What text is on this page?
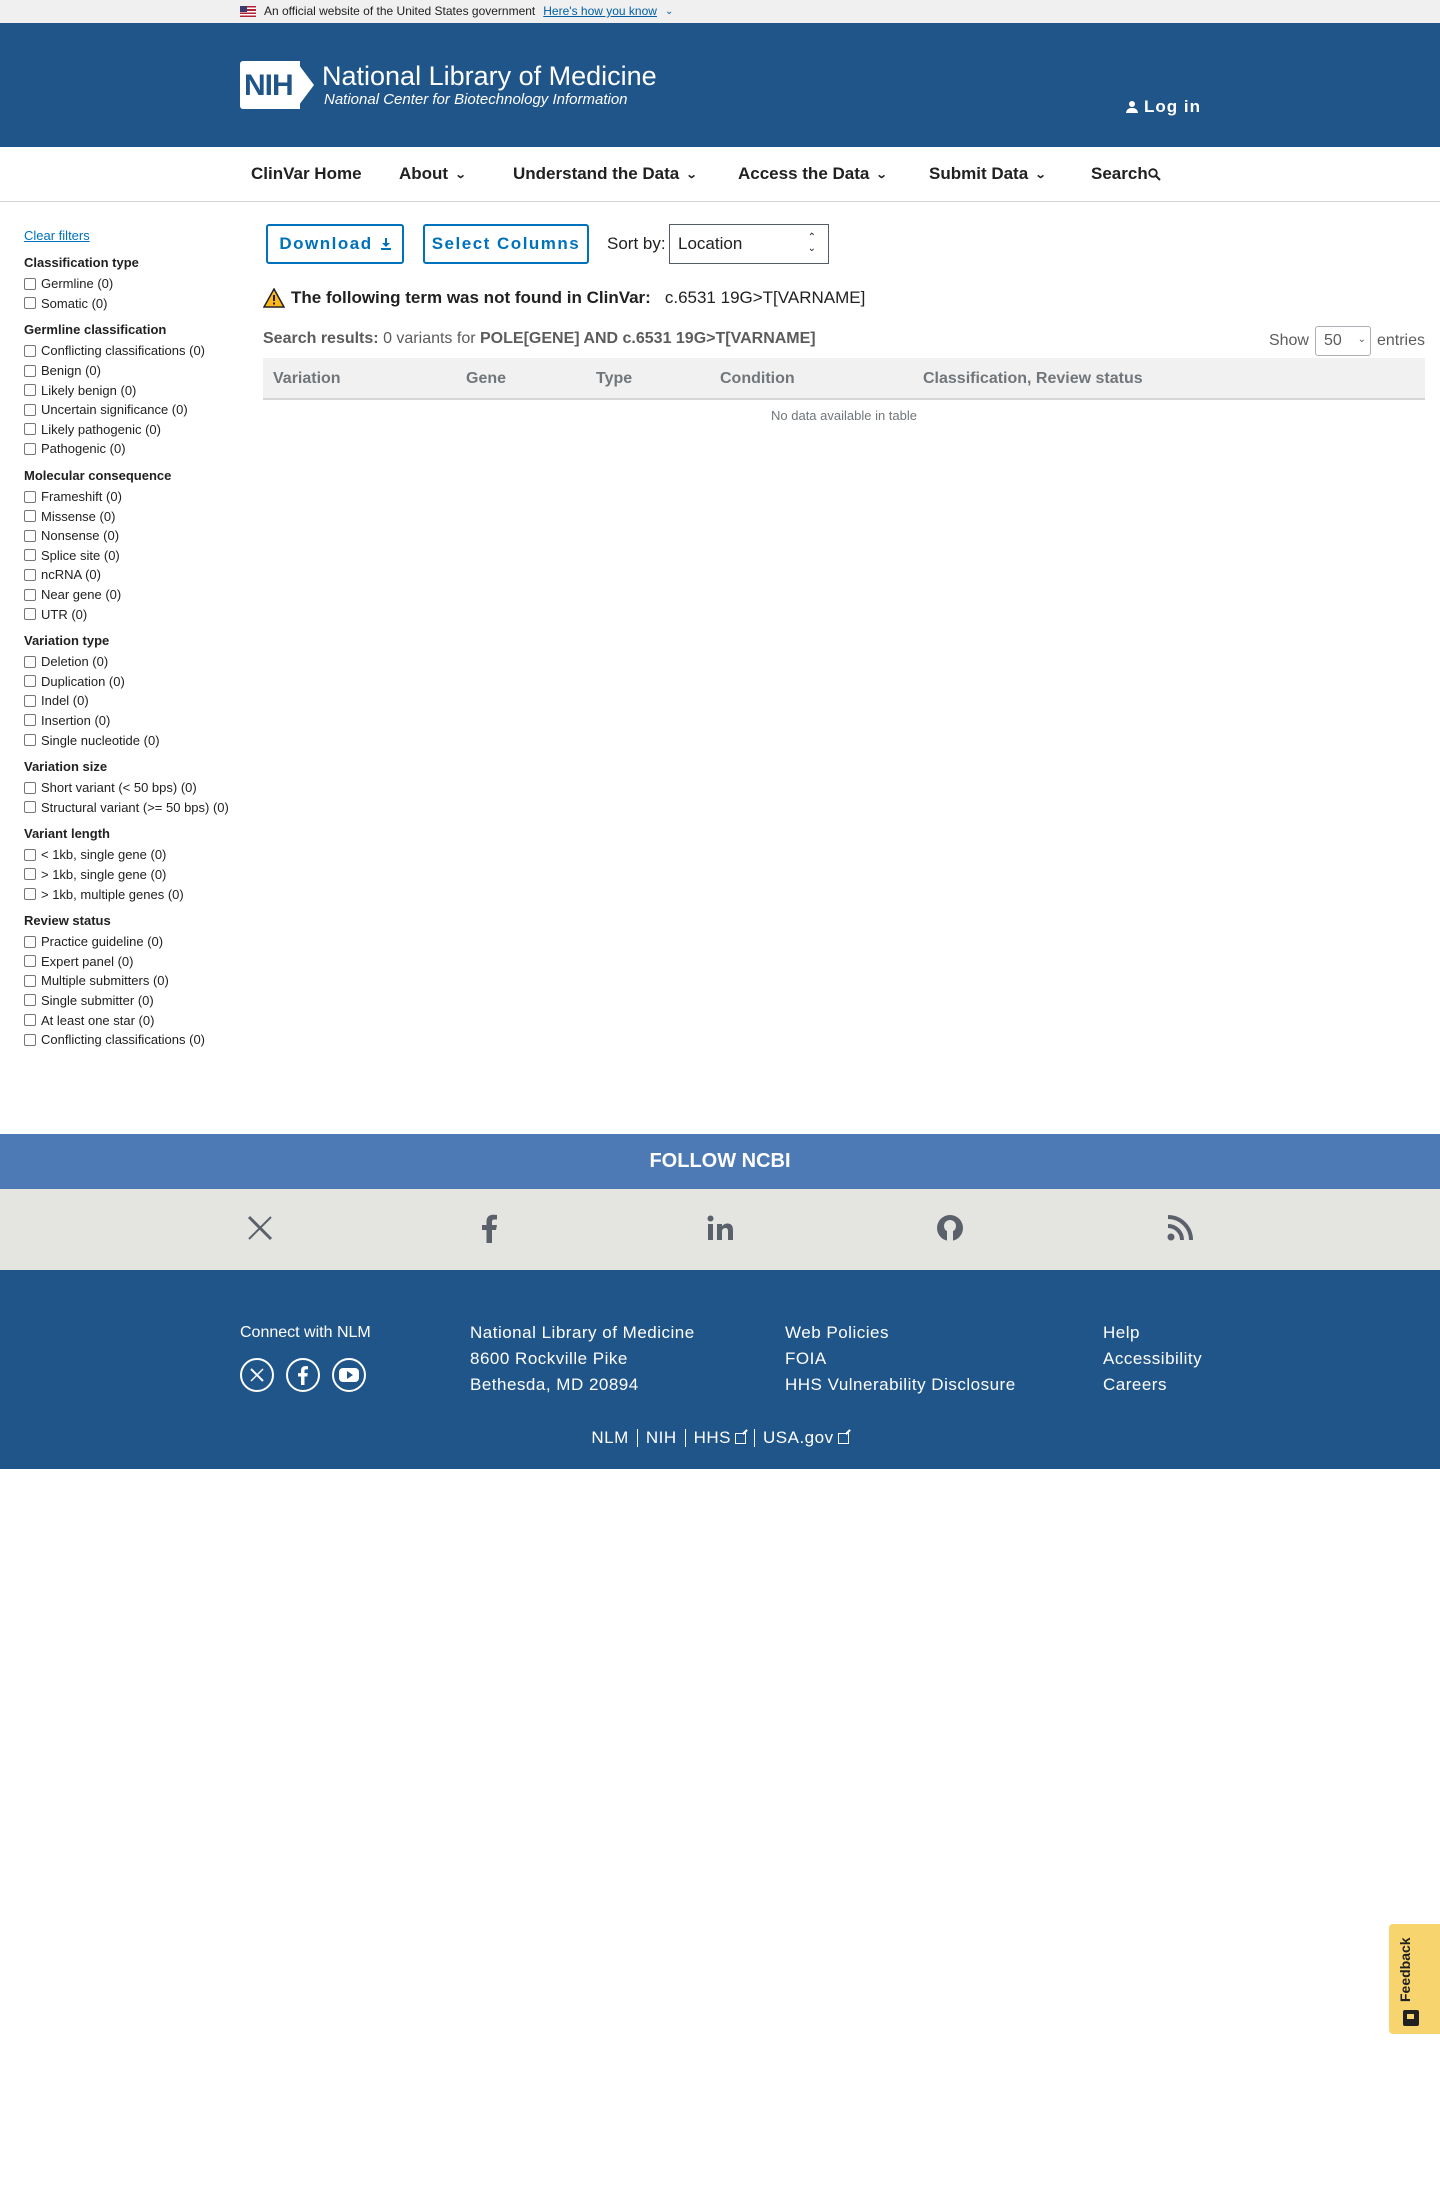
An official website of the United States government Here's how you know ⌄
NIH National Library of Medicine
National Center for Biotechnology Information	Log in
ClinVar Home About ⌄	Understand the Data ⌄ Access the Data ⌄ Submit Data ⌄	Search
Clear filters
Classification type
Germline (0)
Somatic (0)
Germline classification
Conflicting classifications (0)
Benign (0)
Likely benign (0)
Uncertain significance (0)
Likely pathogenic (0)
Pathogenic (0)
Molecular consequence
Frameshift (0)
Missense (0)
Nonsense (0)
Splice site (0)
ncRNA (0)
Near gene (0)
UTR (0)
Variation type
Deletion (0)
Duplication (0)
Indel (0)
Insertion (0)
Single nucleotide (0)
Variation size
Short variant (< 50 bps) (0)
Structural variant (>= 50 bps) (0)
Variant length
< 1kb, single gene (0)
> 1kb, single gene (0)
> 1kb, multiple genes (0)
Review status
Practice guideline (0)
Expert panel (0)
Multiple submitters (0)
Single submitter (0)
At least one star (0)
Conflicting classifications (0)
Download	Select Columns Sort by: Location	⌃
⌄
The following term was not found in ClinVar: c.6531 19G>T[VARNAME]
Search results: 0 variants for POLE[GENE] AND c.6531 19G>T[VARNAME]	Show 50 ⌄ entries
Variation	Gene	Type	Condition	Classification, Review status
No data available in table
FOLLOW NCBI
Connect with NLM	National Library of Medicine
8600 Rockville Pike
Bethesda, MD 20894
Web Policies
FOIA
HHS Vulnerability Disclosure
Help
Accessibility
Careers
NLM NIH HHS USA.gov
Feedback
